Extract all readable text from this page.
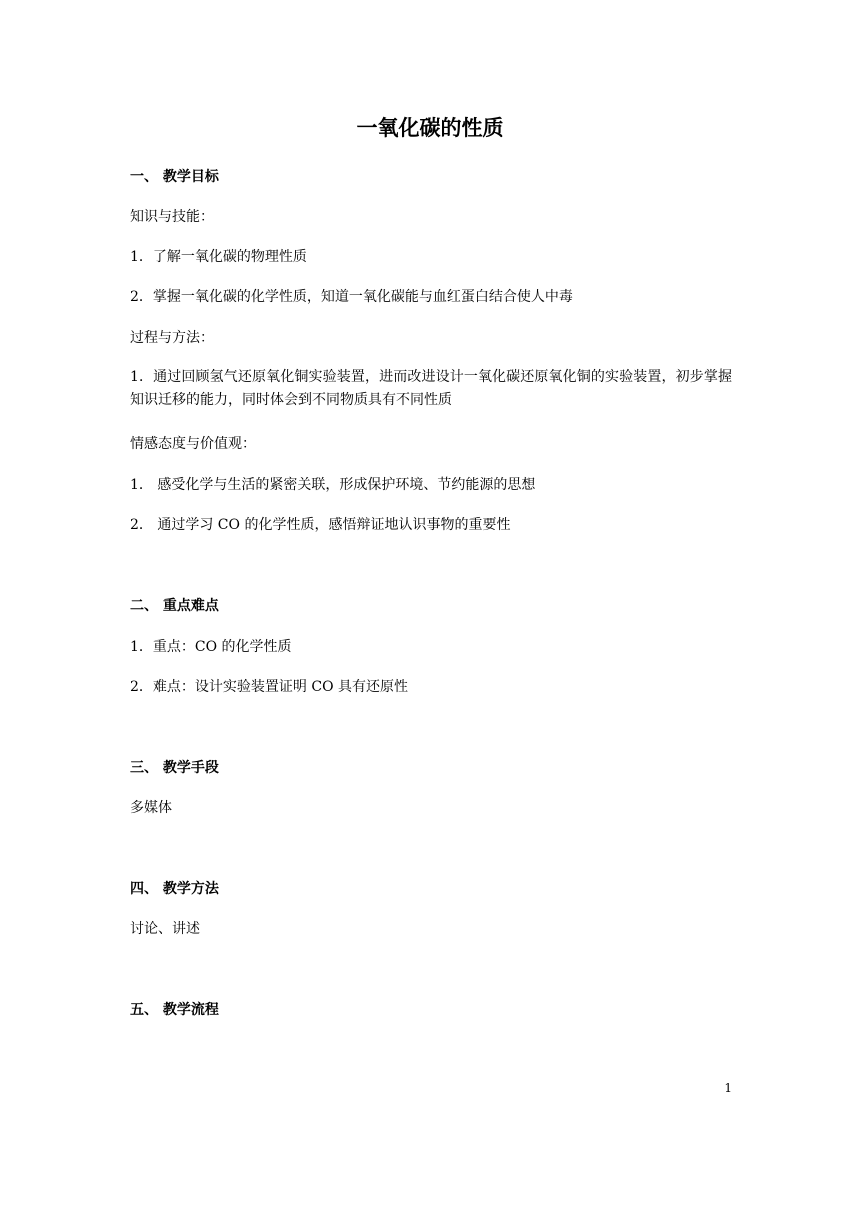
一氧化碳的性质
一、 教学目标
知识与技能：
1．了解一氧化碳的物理性质
2．掌握一氧化碳的化学性质，知道一氧化碳能与血红蛋白结合使人中毒
过程与方法：
1．通过回顾氢气还原氧化铜实验装置，进而改进设计一氧化碳还原氧化铜的实验装置，初步掌握知识迁移的能力，同时体会到不同物质具有不同性质
情感态度与价值观：
1． 感受化学与生活的紧密关联，形成保护环境、节约能源的思想
2． 通过学习 CO 的化学性质，感悟辩证地认识事物的重要性
二、 重点难点
1．重点：CO 的化学性质
2．难点：设计实验装置证明 CO 具有还原性
三、 教学手段
多媒体
四、 教学方法
讨论、讲述
五、 教学流程
1
